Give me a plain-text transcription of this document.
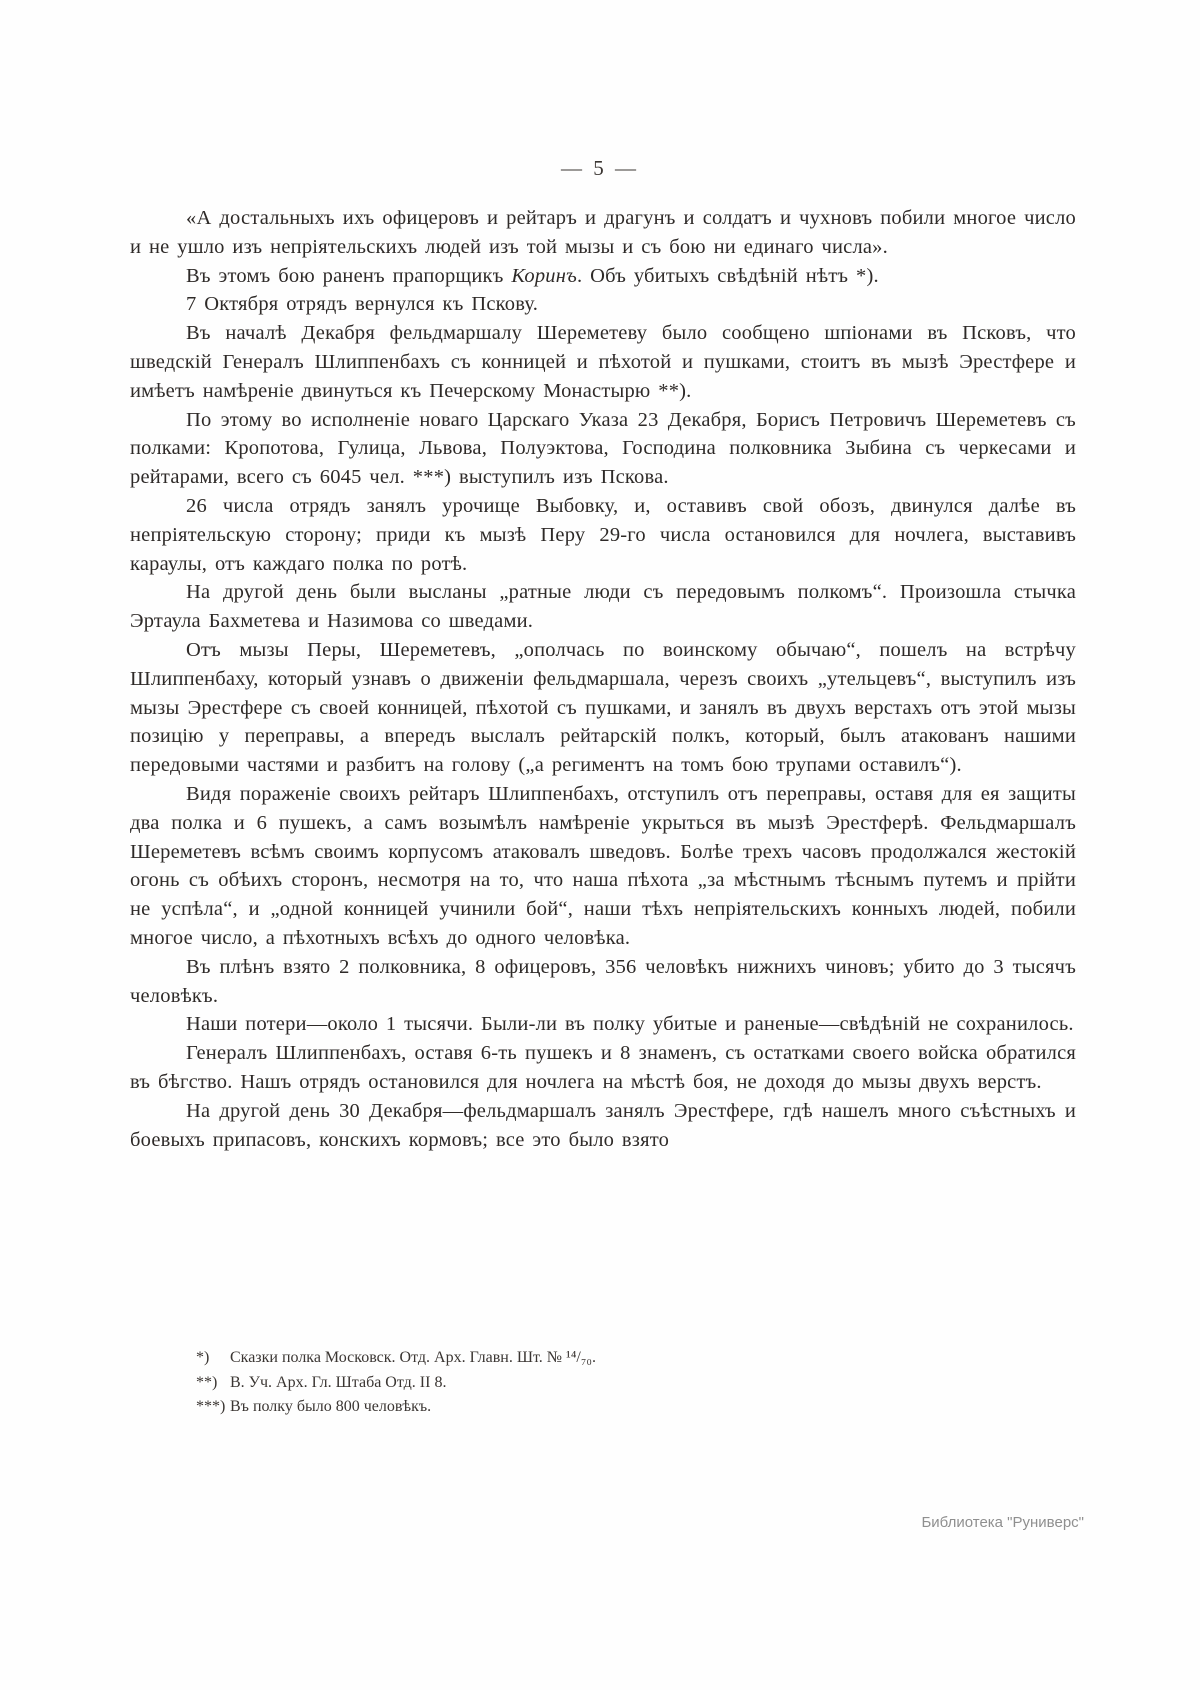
— 5 —

«А достальныхъ ихъ офицеровъ и рейтаръ и драгунъ и солдатъ и чухновъ побили многое число и не ушло изъ непріятельскихъ людей изъ той мызы и съ бою ни единаго числа».

Въ этомъ бою раненъ прапорщикъ Коринъ. Объ убитыхъ свѣдѣній нѣтъ *).

7 Октября отрядъ вернулся къ Пскову.

Въ началѣ Декабря фельдмаршалу Шереметеву было сообщено шпіонами въ Псковъ, что шведскій Генералъ Шлиппенбахъ съ конницей и пѣхотой и пушками, стоитъ въ мызѣ Эрестфере и имѣетъ намѣреніе двинуться къ Печерскому Монастырю **).

По этому во исполненіе новаго Царскаго Указа 23 Декабря, Борисъ Петровичъ Шереметевъ съ полками: Кропотова, Гулица, Львова, Полуэктова, Господина полковника Зыбина съ черкесами и рейтарами, всего съ 6045 чел. ***) выступилъ изъ Пскова.

26 числа отрядъ занялъ урочище Выбовку, и, оставивъ свой обозъ, двинулся далѣе въ непріятельскую сторону; приди къ мызѣ Перу 29-го числа остановился для ночлега, выставивъ караулы, отъ каждаго полка по ротѣ.

На другой день были высланы „ратные люди съ передовымъ полкомъ“. Произошла стычка Эртаула Бахметева и Назимова со шведами.

Отъ мызы Перы, Шереметевъ, „ополчась по воинскому обычаю“, пошелъ на встрѣчу Шлиппенбаху, который узнавъ о движеніи фельдмаршала, черезъ своихъ „утельцевъ“, выступилъ изъ мызы Эрестфере съ своей конницей, пѣхотой съ пушками, и занялъ въ двухъ верстахъ отъ этой мызы позицію у переправы, а впередъ выслалъ рейтарскій полкъ, который, былъ атакованъ нашими передовыми частями и разбитъ на голову („а региментъ на томъ бою трупами оставилъ“).

Видя пораженіе своихъ рейтаръ Шлиппенбахъ, отступилъ отъ переправы, оставя для ея защиты два полка и 6 пушекъ, а самъ возымѣлъ намѣреніе укрыться въ мызѣ Эрестферѣ. Фельдмаршалъ Шереметевъ всѣмъ своимъ корпусомъ атаковалъ шведовъ. Болѣе трехъ часовъ продолжался жестокій огонь съ обѣихъ сторонъ, несмотря на то, что наша пѣхота „за мѣстнымъ тѣснымъ путемъ и прійти не успѣла“, и „одной конницей учинили бой“, наши тѣхъ непріятельскихъ конныхъ людей, побили многое число, а пѣхотныхъ всѣхъ до одного человѣка.

Въ плѣнъ взято 2 полковника, 8 офицеровъ, 356 человѣкъ нижнихъ чиновъ; убито до 3 тысячъ человѣкъ.

Наши потери—около 1 тысячи. Были-ли въ полку убитые и раненые—свѣдѣній не сохранилось.

Генералъ Шлиппенбахъ, оставя 6-ть пушекъ и 8 знаменъ, съ остатками своего войска обратился въ бѣгство. Нашъ отрядъ остановился для ночлега на мѣстѣ боя, не доходя до мызы двухъ верстъ.

На другой день 30 Декабря—фельдмаршалъ занялъ Эрестфере, гдѣ нашелъ много съѣстныхъ и боевыхъ припасовъ, конскихъ кормовъ; все это было взято

*) Сказки полка Московск. Отд. Арх. Главн. Шт. № ¹⁴/₇₀.

**) В. Уч. Арх. Гл. Штаба Отд. II 8.

***) Въ полку было 800 человѣкъ.

Библиотека "Руниверс"
